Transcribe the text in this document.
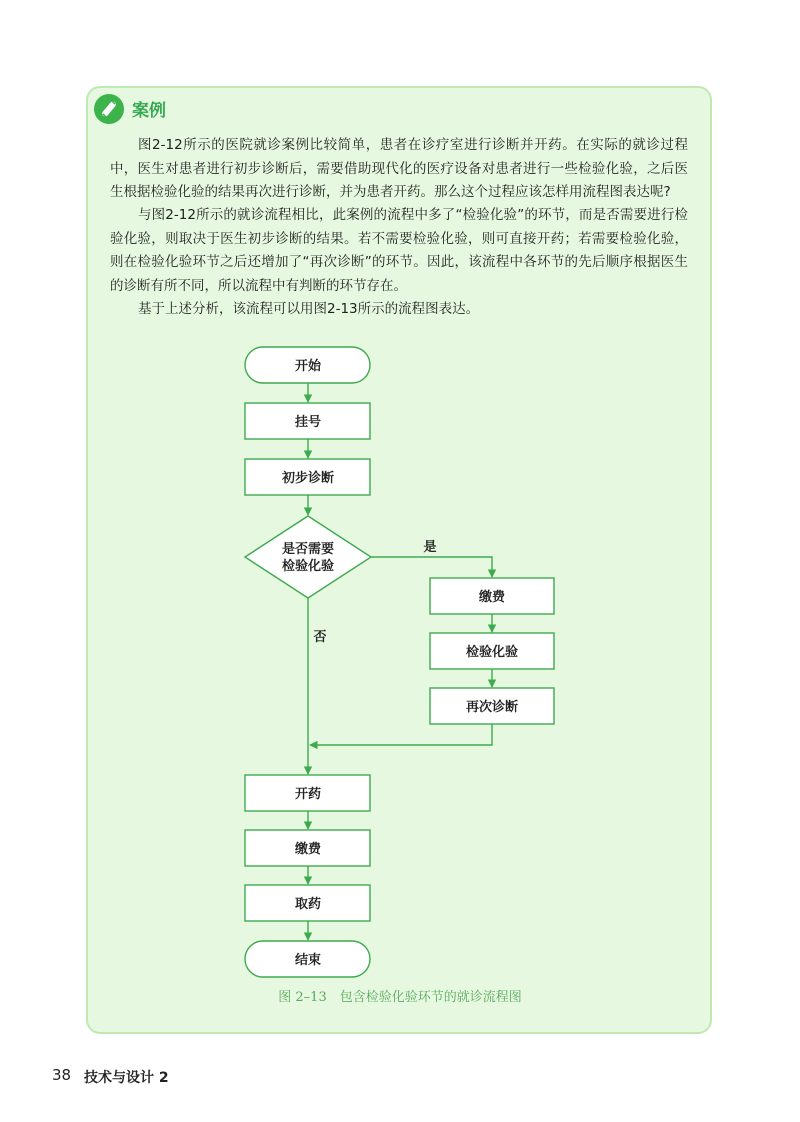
案例

图2-12所示的医院就诊案例比较简单，患者在诊疗室进行诊断并开药。在实际的就诊过程中，医生对患者进行初步诊断后，需要借助现代化的医疗设备对患者进行一些检验化验，之后医生根据检验化验的结果再次进行诊断，并为患者开药。那么这个过程应该怎样用流程图表达呢?

与图2-12所示的就诊流程相比，此案例的流程中多了“检验化验”的环节，而是否需要进行检验化验，则取决于医生初步诊断的结果。若不需要检验化验，则可直接开药；若需要检验化验，则在检验化验环节之后还增加了“再次诊断”的环节。因此，该流程中各环节的先后顺序根据医生的诊断有所不同，所以流程中有判断的环节存在。

基于上述分析，该流程可以用图2-13所示的流程图表达。

开始
挂号
初步诊断
是否需要
检验化验
缴费
检验化验
再次诊断
开药
缴费
取药
结束
是
否
图 2–13　包含检验化验环节的就诊流程图
38 技术与设计 2
